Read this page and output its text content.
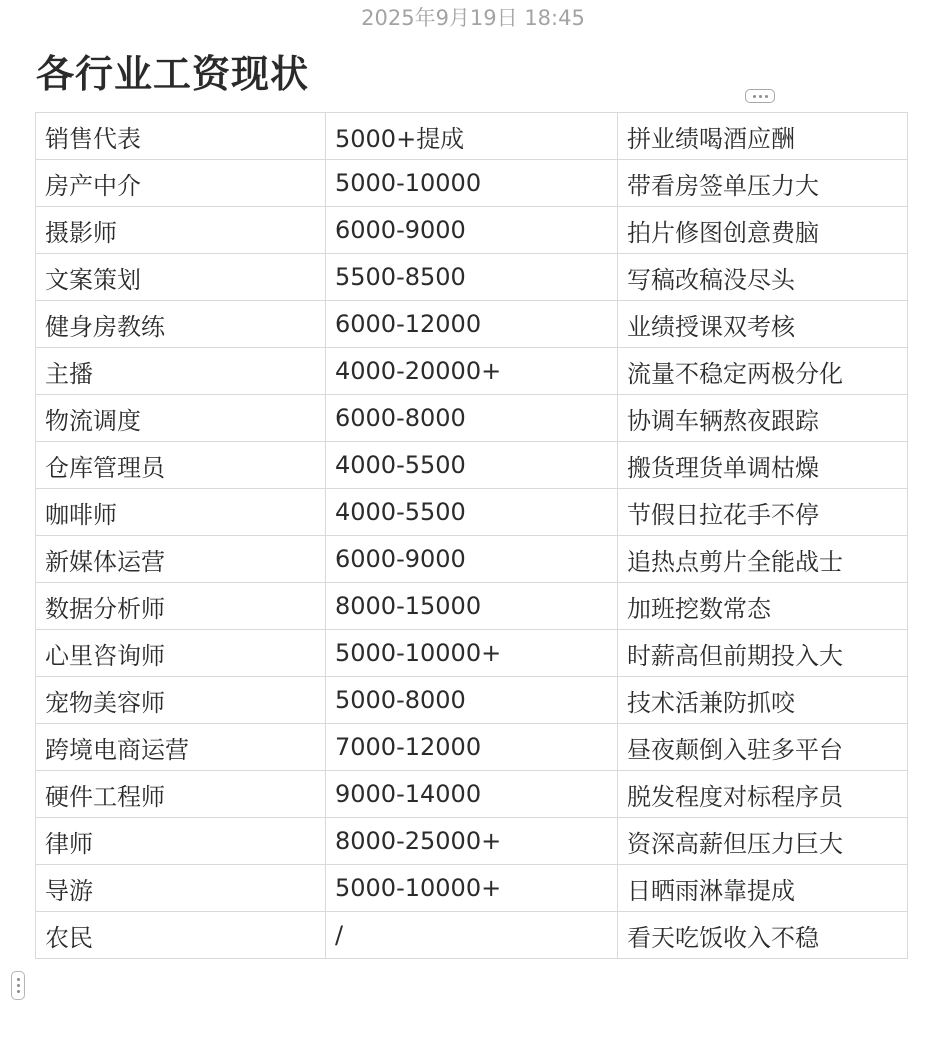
2025年9月19日 18:45
各行业工资现状
销售代表	5000+提成	拼业绩喝酒应酬
房产中介	5000-10000	带看房签单压力大
摄影师	6000-9000	拍片修图创意费脑
文案策划	5500-8500	写稿改稿没尽头
健身房教练	6000-12000	业绩授课双考核
主播	4000-20000+	流量不稳定两极分化
物流调度	6000-8000	协调车辆熬夜跟踪
仓库管理员	4000-5500	搬货理货单调枯燥
咖啡师	4000-5500	节假日拉花手不停
新媒体运营	6000-9000	追热点剪片全能战士
数据分析师	8000-15000	加班挖数常态
心里咨询师	5000-10000+	时薪高但前期投入大
宠物美容师	5000-8000	技术活兼防抓咬
跨境电商运营	7000-12000	昼夜颠倒入驻多平台
硬件工程师	9000-14000	脱发程度对标程序员
律师	8000-25000+	资深高薪但压力巨大
导游	5000-10000+	日晒雨淋靠提成
农民	/	看天吃饭收入不稳
